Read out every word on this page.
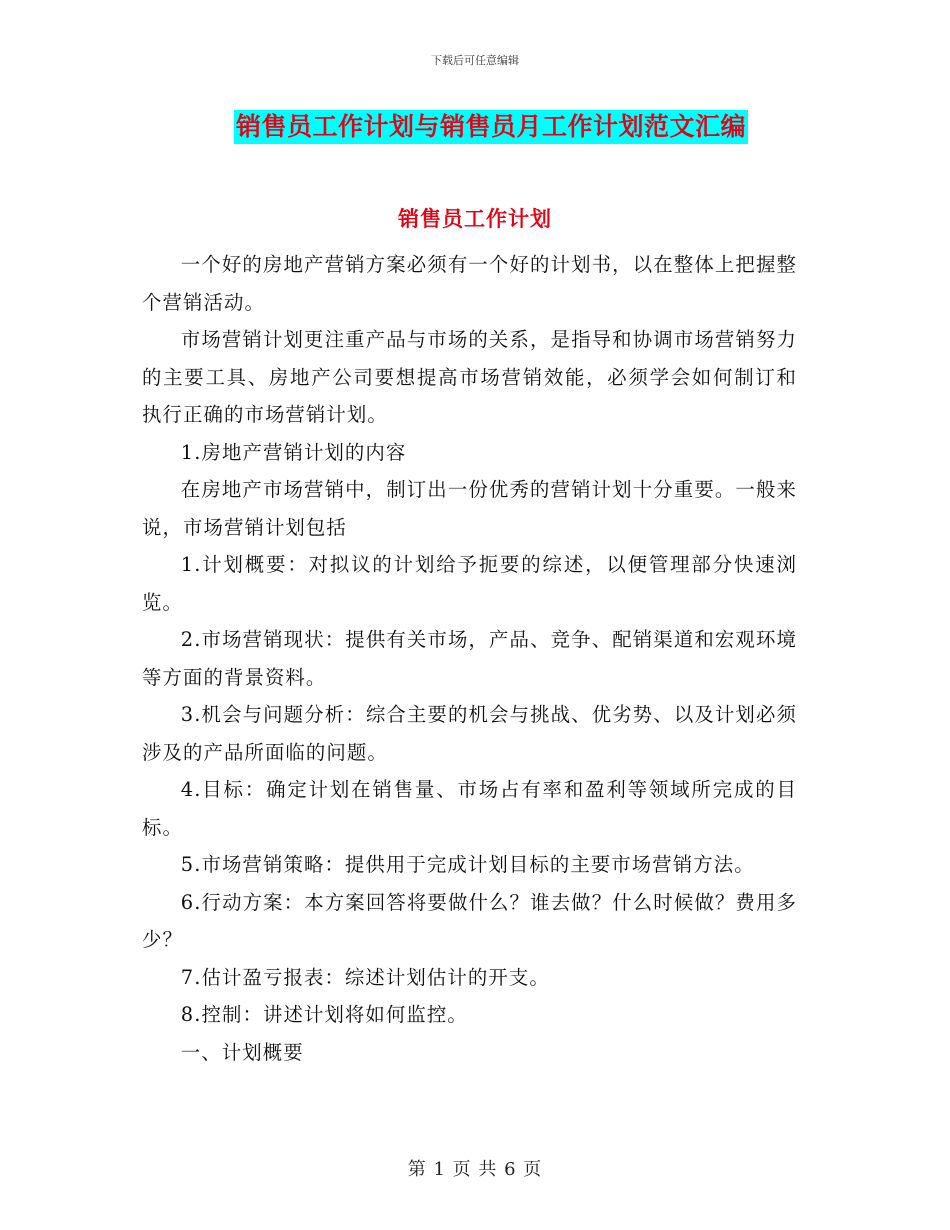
下载后可任意编辑
销售员工作计划与销售员月工作计划范文汇编
销售员工作计划

一个好的房地产营销方案必须有一个好的计划书，以在整体上把握整个营销活动。

市场营销计划更注重产品与市场的关系，是指导和协调市场营销努力的主要工具、房地产公司要想提高市场营销效能，必须学会如何制订和执行正确的市场营销计划。

1.房地产营销计划的内容

在房地产市场营销中，制订出一份优秀的营销计划十分重要。一般来说，市场营销计划包括

1.计划概要：对拟议的计划给予扼要的综述，以便管理部分快速浏览。

2.市场营销现状：提供有关市场，产品、竞争、配销渠道和宏观环境等方面的背景资料。

3.机会与问题分析：综合主要的机会与挑战、优劣势、以及计划必须涉及的产品所面临的问题。

4.目标：确定计划在销售量、市场占有率和盈利等领域所完成的目标。

5.市场营销策略：提供用于完成计划目标的主要市场营销方法。

6.行动方案：本方案回答将要做什么？谁去做？什么时候做？费用多少？

7.估计盈亏报表：综述计划估计的开支。

8.控制：讲述计划将如何监控。

一、计划概要

第 1 页 共 6 页
